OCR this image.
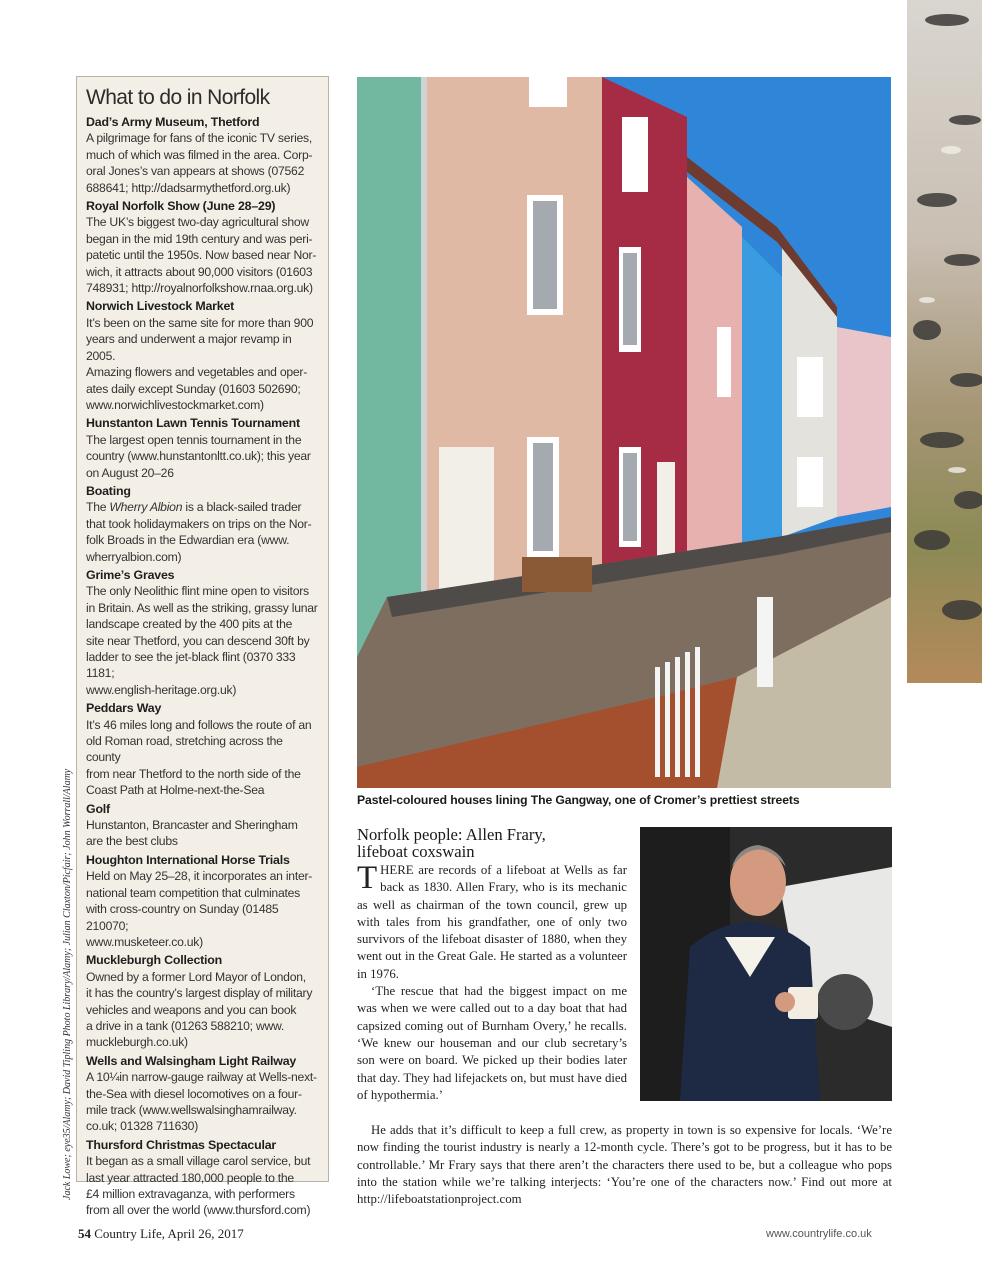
What to do in Norfolk
Dad’s Army Museum, Thetford
A pilgrimage for fans of the iconic TV series,
much of which was filmed in the area. Corp-
oral Jones’s van appears at shows (07562
688641; http://dadsarmythetford.org.uk)
Royal Norfolk Show (June 28–29)
The UK’s biggest two-day agricultural show
began in the mid 19th century and was peri-
patetic until the 1950s. Now based near Nor-
wich, it attracts about 90,000 visitors (01603
748931; http://royalnorfolkshow.rnaa.org.uk)
Norwich Livestock Market
It’s been on the same site for more than 900
years and underwent a major revamp in 2005.
Amazing flowers and vegetables and oper-
ates daily except Sunday (01603 502690;
www.norwichlivestockmarket.com)
Hunstanton Lawn Tennis Tournament
The largest open tennis tournament in the
country (www.hunstantonltt.co.uk); this year
on August 20–26
Boating
The Wherry Albion is a black-sailed trader
that took holidaymakers on trips on the Nor-
folk Broads in the Edwardian era (www.
wherryalbion.com)
Grime’s Graves
The only Neolithic flint mine open to visitors
in Britain. As well as the striking, grassy lunar
landscape created by the 400 pits at the
site near Thetford, you can descend 30ft by
ladder to see the jet-black flint (0370 333 1181;
www.english-heritage.org.uk)
Peddars Way
It’s 46 miles long and follows the route of an
old Roman road, stretching across the county
from near Thetford to the north side of the
Coast Path at Holme-next-the-Sea
Golf
Hunstanton, Brancaster and Sheringham
are the best clubs
Houghton International Horse Trials
Held on May 25–28, it incorporates an inter-
national team competition that culminates
with cross-country on Sunday (01485 210070;
www.musketeer.co.uk)
Muckleburgh Collection
Owned by a former Lord Mayor of London,
it has the country’s largest display of military
vehicles and weapons and you can book
a drive in a tank (01263 588210; www.
muckleburgh.co.uk)
Wells and Walsingham Light Railway
A 10¼in narrow-gauge railway at Wells-next-
the-Sea with diesel locomotives on a four-
mile track (www.wellswalsinghamrailway.
co.uk; 01328 711630)
Thursford Christmas Spectacular
It began as a small village carol service, but
last year attracted 180,000 people to the
£4 million extravaganza, with performers
from all over the world (www.thursford.com)
Jack Lowe; eye35/Alamy; David Tipling Photo Library/Alamy; Julian Claxton/Picfair; John Worrall/Alamy	Pastel-coloured houses lining The Gangway, one of Cromer’s prettiest streets
Norfolk people: Allen Frary,
lifeboat coxswain

THERE are records of a lifeboat at Wells as far back as 1830. Allen Frary, who is its mechanic as well as chairman of the town council, grew up with tales from his grandfather, one of only two survivors of the lifeboat disaster of 1880, when they went out in the Great Gale. He started as a volunteer in 1976.

‘The rescue that had the biggest impact on me was when we were called out to a day boat that had capsized coming out of Burnham Overy,’ he recalls. ‘We knew our houseman and our club secretary’s son were on board. We picked up their bodies later that day. They had lifejackets on, but must have died of hypothermia.’

He adds that it’s difficult to keep a full crew, as property in town is so expensive for locals. ‘We’re now finding the tourist industry is nearly a 12-month cycle. There’s got to be progress, but it has to be controllable.’ Mr Frary says that there aren’t the characters there used to be, but a colleague who pops into the station while we’re talking interjects: ‘You’re one of the characters now.’ Find out more at http://lifeboatstationproject.com

54 Country Life, April 26, 2017	www.countrylife.co.uk
